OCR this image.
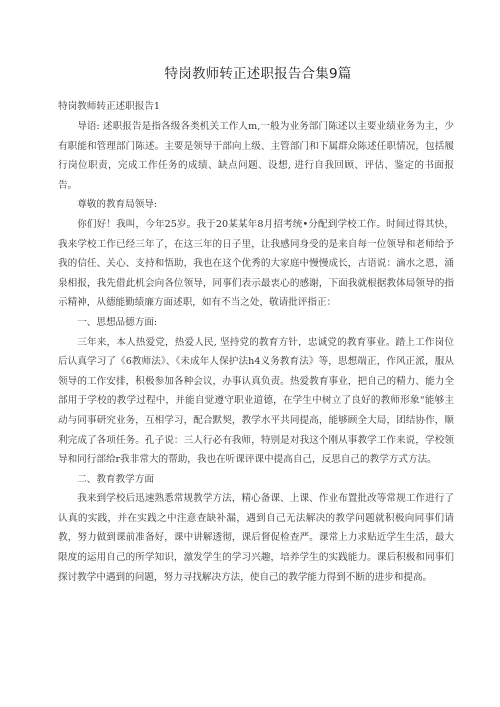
特岗教师转正述职报告合集9篇

特岗教师转正述职报告1

导语: 述职报告是指各级各类机关工作人m,一般为业务部门陈述以主要业绩业务为主，少有职能和管理部门陈述。主要是领导干部向上级、主管部门和下属群众陈述任职情况，包括履行岗位职责，完成工作任务的成绩、缺点问题、设想, 进行自我回顾、评估、鉴定的书面报告。

尊敬的教育局领导:

你们好！我叫，今年25岁。我于20某某年8月招考统•分配到学校工作。时间过得其快，我来学校工作已经三年了，在这三年的日子里，让我感同身受的是来自每一位领导和老师给予我的信任、关心、支持和悟助，我也在这个优秀的大家庭中慢慢成长，古语说：滴水之恩，涌泉相报，我先借此机会向各位领导，同事们表示最衷心的感谢，下面我就根据教体局领导的指示精神，从德能勤绩廉方面述职，如有不当之处，敬请批评指正：

一、思想品德方面:

三年来，本人热爱党，热爱人民, 坚持党的教育方针，忠诚党的教育事业。踏上工作岗位后认真学习了《6教师法》、《未成年人保护法h4义务教育法》等，思想端正，作风正派，服从领导的工作安排，积极参加各种会议，办事认真负责。热爱教育事业，把自己的精力、能力全部用于学校的教学过程中，并能自觉遵守职业道德，在学生中树立了良好的教师形象“能够主动与同事研究业务，互相学习，配合默契，教学水平共同提高，能够顾全大局，团结协作，顺利完成了各项任务。孔子说：三人行必有我师，特别是对我这个刚从事教学工作来说，学校领导和同行部给r我非常大的帮助，我也在听课评课中提高自己，反思自己的教学方式方法。

二、教育教学方面

我来到学校后迅速熟悉常规教学方法，精心备课、上课、作业布置批改等常规工作进行了认真的实践，并在实践之中注意查缺补漏，遇到自己无法解决的教学问题就积极向同事们请教，努力做到课前准备好，课中讲解透彻，课后督促检查严。课常上力求贴近学生生活，最大限度的运用自己的所学知识，激发学生的学习兴趣，培养学生的实践能力。课后积极和同事们探讨教学中遇到的问题，努力寻找解决方法，使自己的教学能力得到不断的进步和提高。
